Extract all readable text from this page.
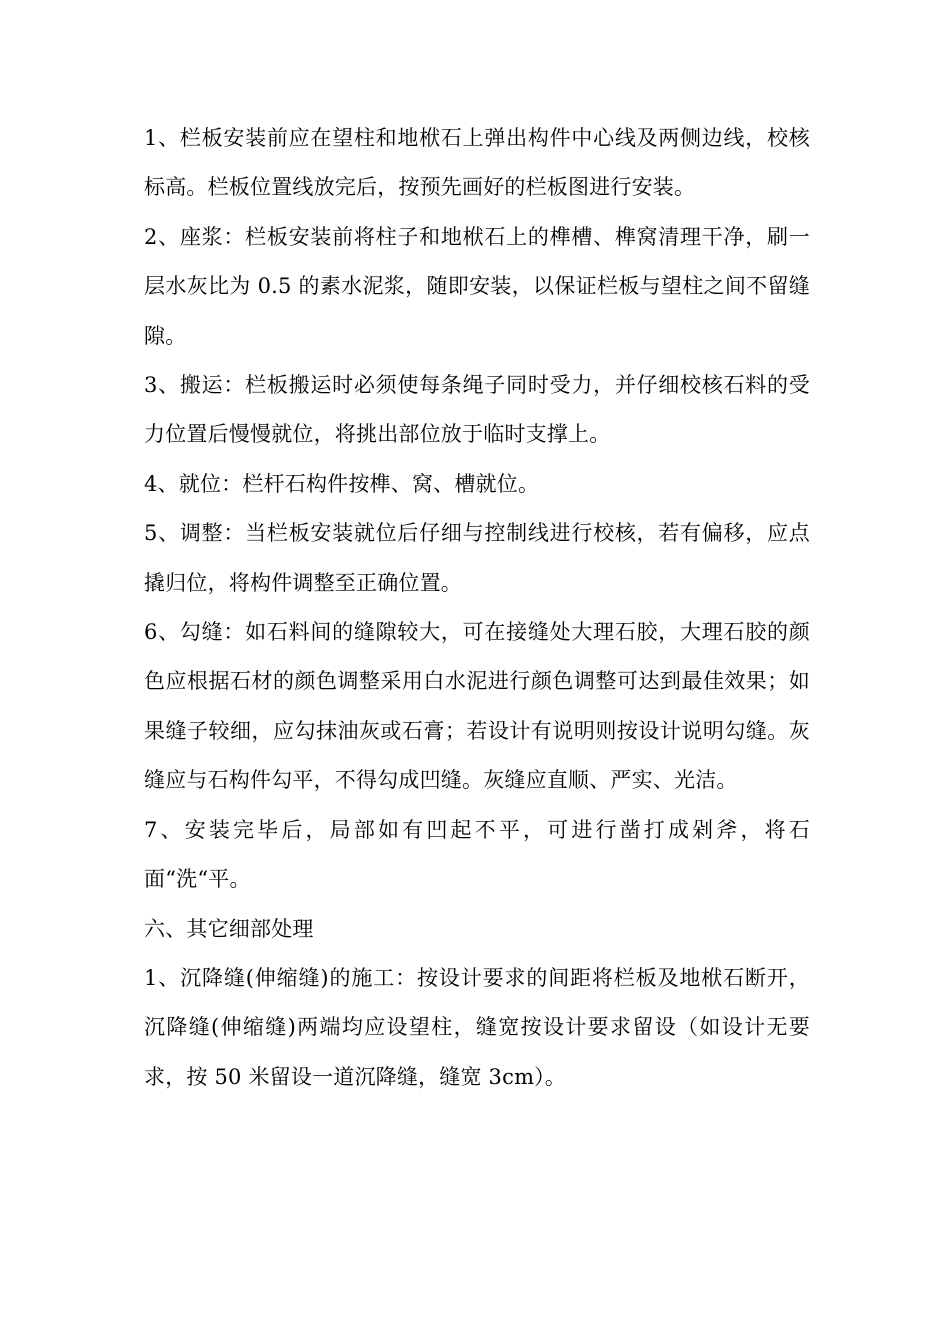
1、栏板安装前应在望柱和地栿石上弹出构件中心线及两侧边线，校核标高。栏板位置线放完后，按预先画好的栏板图进行安装。

2、座浆：栏板安装前将柱子和地栿石上的榫槽、榫窝清理干净，刷一层水灰比为 0.5 的素水泥浆，随即安装，以保证栏板与望柱之间不留缝隙。

3、搬运：栏板搬运时必须使每条绳子同时受力，并仔细校核石料的受力位置后慢慢就位，将挑出部位放于临时支撑上。

4、就位：栏杆石构件按榫、窝、槽就位。

5、调整：当栏板安装就位后仔细与控制线进行校核，若有偏移，应点撬归位，将构件调整至正确位置。

6、勾缝：如石料间的缝隙较大，可在接缝处大理石胶，大理石胶的颜色应根据石材的颜色调整采用白水泥进行颜色调整可达到最佳效果；如果缝子较细，应勾抹油灰或石膏；若设计有说明则按设计说明勾缝。灰缝应与石构件勾平，不得勾成凹缝。灰缝应直顺、严实、光洁。

7、安装完毕后，局部如有凹起不平，可进行凿打成剁斧，将石面“洗“平。

六、其它细部处理

1、沉降缝(伸缩缝)的施工：按设计要求的间距将栏板及地栿石断开，沉降缝(伸缩缝)两端均应设望柱，缝宽按设计要求留设（如设计无要求，按 50 米留设一道沉降缝，缝宽 3cm）。
